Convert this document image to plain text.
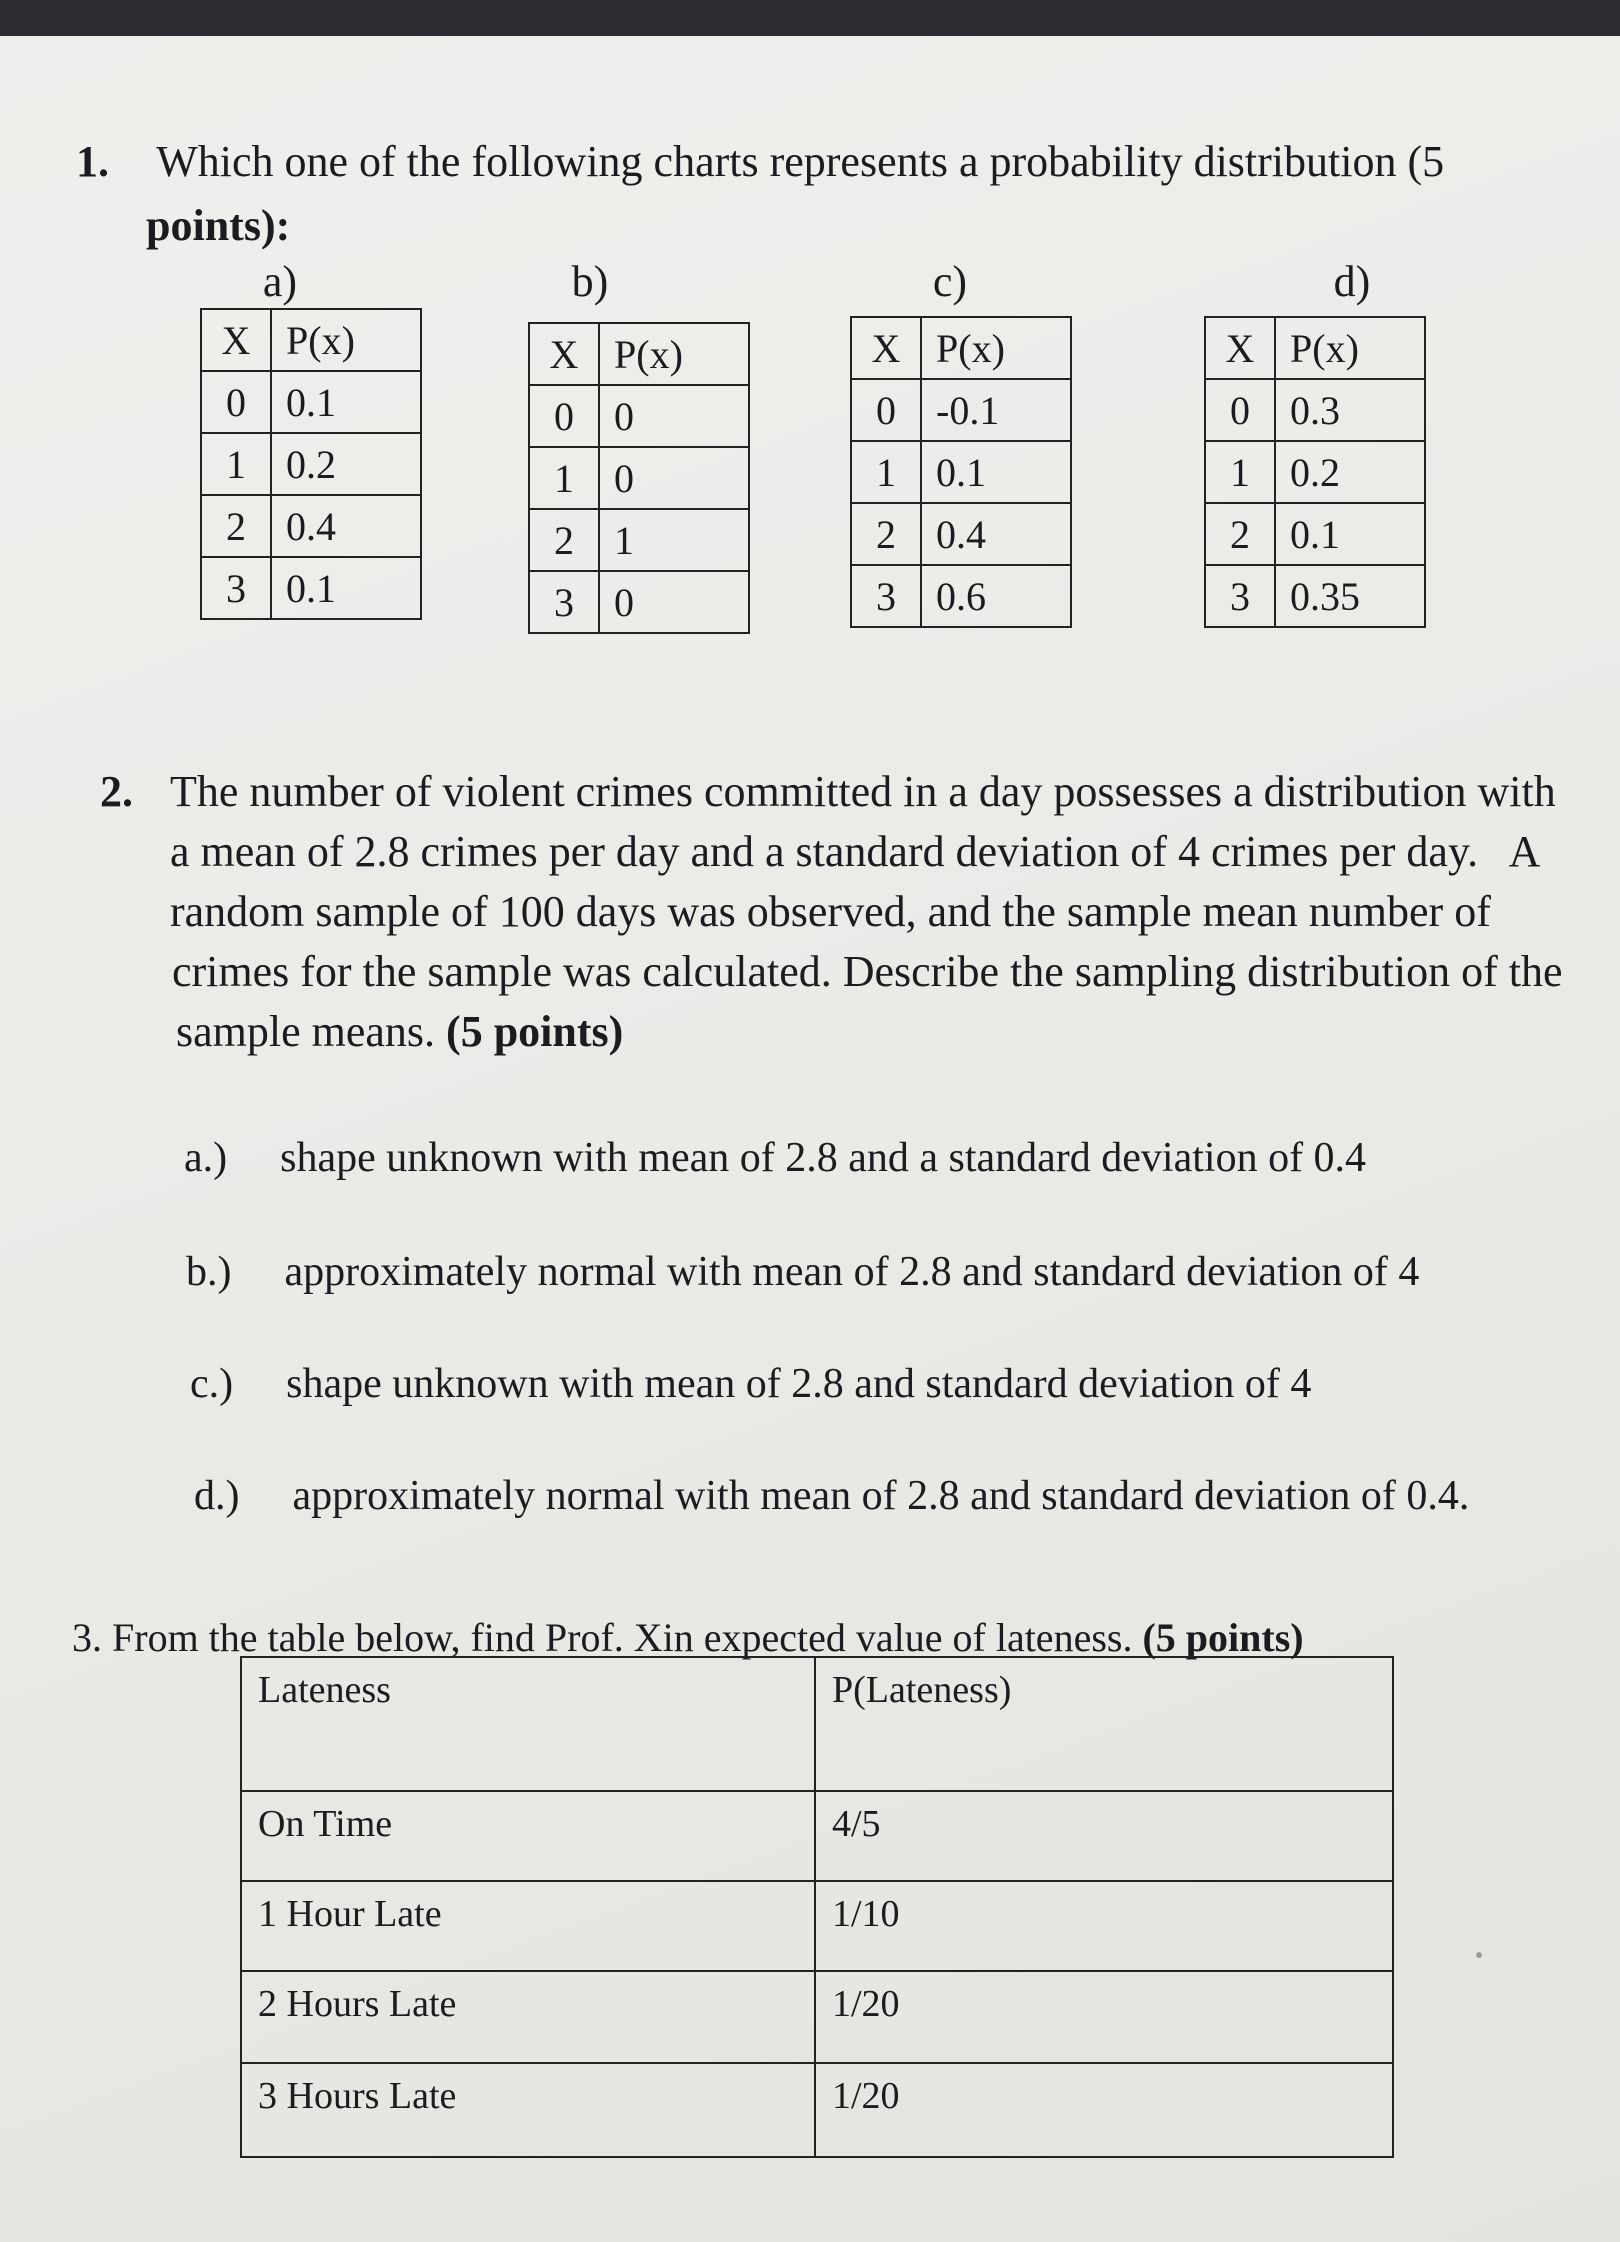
1. Which one of the following charts represents a probability distribution (5
points):
a)
X	P(x)
0	0.1
1	0.2
2	0.4
3	0.1
b)
X	P(x)
0	0
1	0
2	1
3	0
c)
X	P(x)
0	-0.1
1	0.1
2	0.4
3	0.6
d)
X	P(x)
0	0.3
1	0.2
2	0.1
3	0.35
2. The number of violent crimes committed in a day possesses a distribution with
a mean of 2.8 crimes per day and a standard deviation of 4 crimes per day.   A
random sample of 100 days was observed, and the sample mean number of
crimes for the sample was calculated. Describe the sampling distribution of the
sample means. (5 points)
a.) shape unknown with mean of 2.8 and a standard deviation of 0.4
b.) approximately normal with mean of 2.8 and standard deviation of 4
c.) shape unknown with mean of 2.8 and standard deviation of 4
d.) approximately normal with mean of 2.8 and standard deviation of 0.4.
3. From the table below, find Prof. Xin expected value of lateness. (5 points)
Lateness	P(Lateness)
On Time	4/5
1 Hour Late	1/10
2 Hours Late	1/20
3 Hours Late	1/20
